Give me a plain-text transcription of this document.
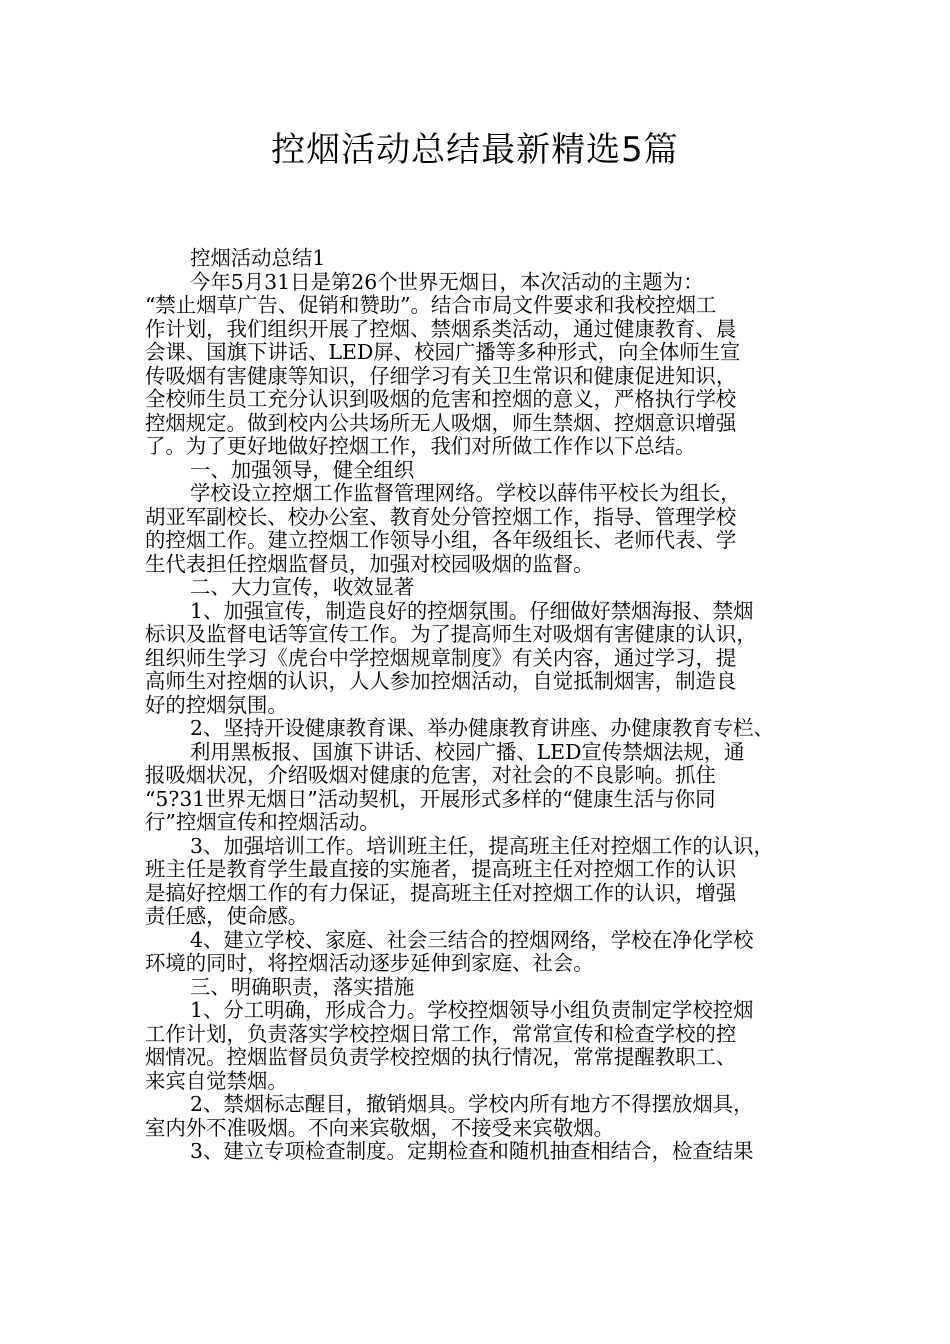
控烟活动总结最新精选5篇
控烟活动总结1
今年5月31日是第26个世界无烟日，本次活动的主题为：
“禁止烟草广告、促销和赞助”。结合市局文件要求和我校控烟工
作计划，我们组织开展了控烟、禁烟系类活动，通过健康教育、晨
会课、国旗下讲话、LED屏、校园广播等多种形式，向全体师生宣
传吸烟有害健康等知识，仔细学习有关卫生常识和健康促进知识，
全校师生员工充分认识到吸烟的危害和控烟的意义，严格执行学校
控烟规定。做到校内公共场所无人吸烟，师生禁烟、控烟意识增强
了。为了更好地做好控烟工作，我们对所做工作作以下总结。
一、加强领导，健全组织
学校设立控烟工作监督管理网络。学校以薛伟平校长为组长，
胡亚军副校长、校办公室、教育处分管控烟工作，指导、管理学校
的控烟工作。建立控烟工作领导小组，各年级组长、老师代表、学
生代表担任控烟监督员，加强对校园吸烟的监督。
二、大力宣传，收效显著
1、加强宣传，制造良好的控烟氛围。仔细做好禁烟海报、禁烟
标识及监督电话等宣传工作。为了提高师生对吸烟有害健康的认识，
组织师生学习《虎台中学控烟规章制度》有关内容，通过学习，提
高师生对控烟的认识，人人参加控烟活动，自觉抵制烟害，制造良
好的控烟氛围。
2、坚持开设健康教育课、举办健康教育讲座、办健康教育专栏、
利用黑板报、国旗下讲话、校园广播、LED宣传禁烟法规，通
报吸烟状况，介绍吸烟对健康的危害，对社会的不良影响。抓住
“5?31世界无烟日”活动契机，开展形式多样的“健康生活与你同
行”控烟宣传和控烟活动。
3、加强培训工作。培训班主任，提高班主任对控烟工作的认识，
班主任是教育学生最直接的实施者，提高班主任对控烟工作的认识
是搞好控烟工作的有力保证，提高班主任对控烟工作的认识，增强
责任感，使命感。
4、建立学校、家庭、社会三结合的控烟网络，学校在净化学校
环境的同时，将控烟活动逐步延伸到家庭、社会。
三、明确职责，落实措施
1、分工明确，形成合力。学校控烟领导小组负责制定学校控烟
工作计划，负责落实学校控烟日常工作，常常宣传和检查学校的控
烟情况。控烟监督员负责学校控烟的执行情况，常常提醒教职工、
来宾自觉禁烟。
2、禁烟标志醒目，撤销烟具。学校内所有地方不得摆放烟具，
室内外不准吸烟。不向来宾敬烟，不接受来宾敬烟。
3、建立专项检查制度。定期检查和随机抽查相结合，检查结果
